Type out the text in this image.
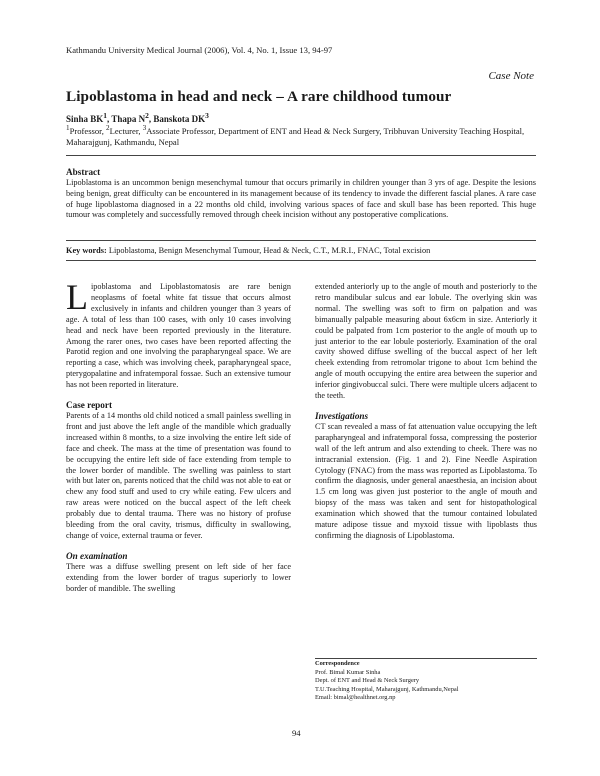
Kathmandu University Medical Journal (2006), Vol. 4, No. 1, Issue 13, 94-97
Case Note
Lipoblastoma in head and neck – A rare childhood tumour
Sinha $BK^1$, Thapa $N^2$, Banskota $DK^3$
$^1$Professor, $^2$Lecturer, $^3$Associate Professor, Department of ENT and Head & Neck Surgery, Tribhuvan University Teaching Hospital, Maharajgunj, Kathmandu, Nepal
Abstract
Lipoblastoma is an uncommon benign mesenchymal tumour that occurs primarily in children younger than 3 yrs of age. Despite the lesions being benign, great difficulty can be encountered in its management because of its tendency to invade the different fascial planes. A rare case of huge lipoblastoma diagnosed in a 22 months old child, involving various spaces of face and skull base has been reported. This huge tumour was completely and successfully removed through cheek incision without any postoperative complications.
Key words: Lipoblastoma, Benign Mesenchymal Tumour, Head & Neck, C.T., M.R.I., FNAC, Total excision
Lipoblastoma and Lipoblastomatosis are rare benign neoplasms of foetal white fat tissue that occurs almost exclusively in infants and children younger than 3 years of age. A total of less than 100 cases, with only 10 cases involving head and neck have been reported previously in the literature. Among the rarer ones, two cases have been reported affecting the Parotid region and one involving the parapharyngeal space. We are reporting a case, which was involving cheek, parapharyngeal space, pterygopalatine and infratemporal fossae. Such an extensive tumour has not been reported in literature.
Case report
Parents of a 14 months old child noticed a small painless swelling in front and just above the left angle of the mandible which gradually increased within 8 months, to a size involving the entire left side of face and cheek. The mass at the time of presentation was found to be occupying the entire left side of face extending from temple to the lower border of mandible. The swelling was painless to start with but later on, parents noticed that the child was not able to eat or chew any food stuff and used to cry while eating. Few ulcers and raw areas were noticed on the buccal aspect of the left cheek probably due to dental trauma. There was no history of profuse bleeding from the oral cavity, trismus, difficulty in swallowing, change of voice, external trauma or fever.
On examination
There was a diffuse swelling present on left side of her face extending from the lower border of tragus superiorly to lower border of mandible. The swelling
extended anteriorly up to the angle of mouth and posteriorly to the retro mandibular sulcus and ear lobule. The overlying skin was normal. The swelling was soft to firm on palpation and was bimanually palpable measuring about 6x6cm in size. Anteriorly it could be palpated from 1cm posterior to the angle of mouth up to just anterior to the ear lobule posteriorly. Examination of the oral cavity showed diffuse swelling of the buccal aspect of her left cheek extending from retromolar trigone to about 1cm behind the angle of mouth occupying the entire area between the superior and inferior gingivobuccal sulci. There were multiple ulcers adjacent to the teeth.
Investigations
CT scan revealed a mass of fat attenuation value occupying the left parapharyngeal and infratemporal fossa, compressing the posterior wall of the left antrum and also extending to cheek. There was no intracranial extension. (Fig. 1 and 2). Fine Needle Aspiration Cytology (FNAC) from the mass was reported as Lipoblastoma. To confirm the diagnosis, under general anaesthesia, an incision about 1.5 cm long was given just posterior to the angle of mouth and biopsy of the mass was taken and sent for histopathological examination which showed that the tumour contained lobulated mature adipose tissue and myxoid tissue with lipoblasts thus confirming the diagnosis of Lipoblastoma.
Correspondence
Prof. Bimal Kumar Sinha
Dept. of ENT and Head & Neck Surgery
T.U.Teaching Hospital, Maharajgunj, Kathmandu,Nepal
Email: bimal@healthnet.org.np
94
